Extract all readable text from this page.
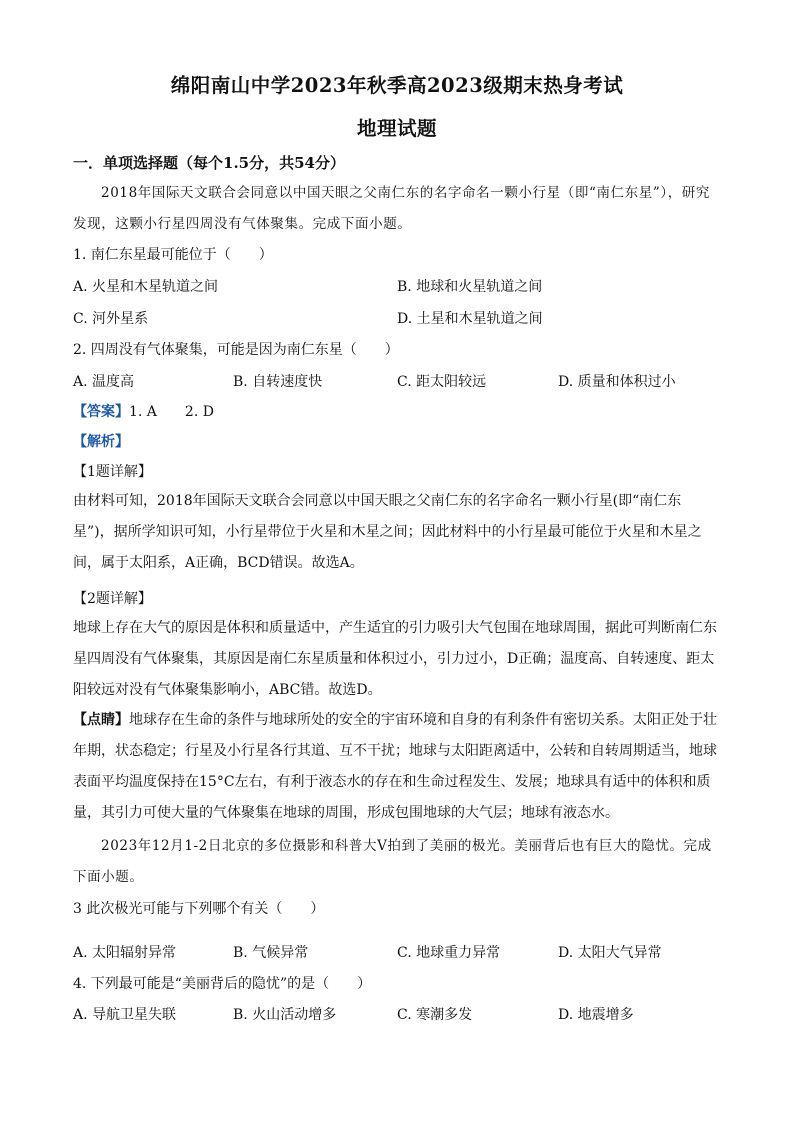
绵阳南山中学2023年秋季高2023级期末热身考试
地理试题
一．单项选择题（每个1.5分，共54分）
2018年国际天文联合会同意以中国天眼之父南仁东的名字命名一颗小行星（即“南仁东星”），研究发现，这颗小行星四周没有气体聚集。完成下面小题。
1. 南仁东星最可能位于（　　）
A. 火星和木星轨道之间	B. 地球和火星轨道之间
C. 河外星系	D. 土星和木星轨道之间
2. 四周没有气体聚集，可能是因为南仁东星（　　）
A. 温度高	B. 自转速度快	C. 距太阳较远	D. 质量和体积过小
【答案】1. A　　2. D
【解析】
【1题详解】
由材料可知，2018年国际天文联合会同意以中国天眼之父南仁东的名字命名一颗小行星(即“南仁东星”)，据所学知识可知，小行星带位于火星和木星之间；因此材料中的小行星最可能位于火星和木星之间，属于太阳系，A正确，BCD错误。故选A。
【2题详解】
地球上存在大气的原因是体积和质量适中，产生适宜的引力吸引大气包围在地球周围，据此可判断南仁东星四周没有气体聚集，其原因是南仁东星质量和体积过小，引力过小，D正确；温度高、自转速度、距太阳较远对没有气体聚集影响小，ABC错。故选D。
【点睛】地球存在生命的条件与地球所处的安全的宇宙环境和自身的有利条件有密切关系。太阳正处于壮年期，状态稳定；行星及小行星各行其道、互不干扰；地球与太阳距离适中，公转和自转周期适当，地球表面平均温度保持在15°C左右，有利于液态水的存在和生命过程发生、发展；地球具有适中的体积和质量，其引力可使大量的气体聚集在地球的周围，形成包围地球的大气层；地球有液态水。
2023年12月1-2日北京的多位摄影和科普大V拍到了美丽的极光。美丽背后也有巨大的隐忧。完成下面小题。
3 此次极光可能与下列哪个有关（　　）
A. 太阳辐射异常	B. 气候异常	C. 地球重力异常	D. 太阳大气异常
4. 下列最可能是“美丽背后的隐忧”的是（　　）
A. 导航卫星失联	B. 火山活动增多	C. 寒潮多发	D. 地震增多
